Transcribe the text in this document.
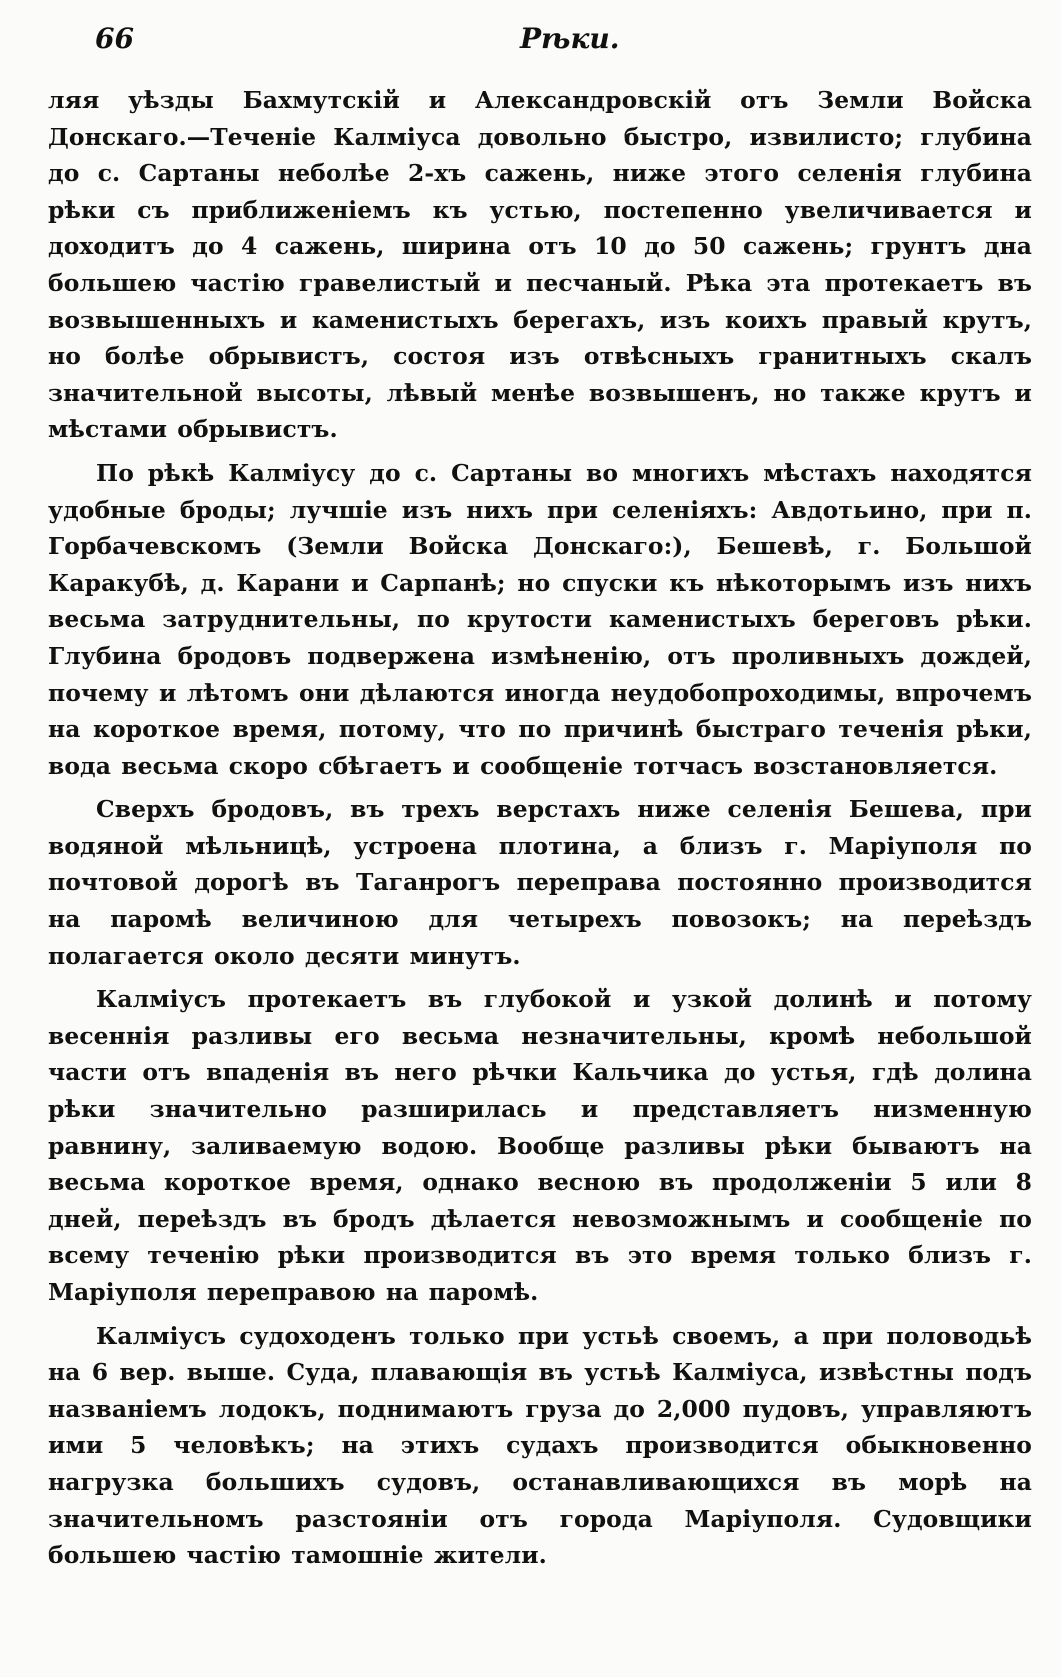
66	Рѣки.

ляя уѣзды Бахмутскій и Александровскій отъ Земли Войска Донскаго.—Теченіе Калміуса довольно быстро, извилисто; глубина до с. Сартаны неболѣе 2-хъ сажень, ниже этого селенія глубина рѣки съ приближеніемъ къ устью, постепенно увеличивается и доходитъ до 4 сажень, ширина отъ 10 до 50 сажень; грунтъ дна большею частію гравелистый и песчаный. Рѣка эта протекаетъ въ возвышенныхъ и каменистыхъ берегахъ, изъ коихъ правый крутъ, но болѣе обрывистъ, состоя изъ отвѣсныхъ гранитныхъ скалъ значительной высоты, лѣвый менѣе возвышенъ, но также крутъ и мѣстами обрывистъ.

По рѣкѣ Калміусу до с. Сартаны во многихъ мѣстахъ находятся удобные броды; лучшіе изъ нихъ при селеніяхъ: Авдотьино, при п. Горбачевскомъ (Земли Войска Донскаго:), Бешевѣ, г. Большой Каракубѣ, д. Карани и Сарпанѣ; но спуски къ нѣкоторымъ изъ нихъ весьма затруднительны, по крутости каменистыхъ береговъ рѣки. Глубина бродовъ подвержена измѣненію, отъ проливныхъ дождей, почему и лѣтомъ они дѣлаются иногда неудобопроходимы, впрочемъ на короткое время, потому, что по причинѣ быстраго теченія рѣки, вода весьма скоро сбѣгаетъ и сообщеніе тотчасъ возстановляется.

Сверхъ бродовъ, въ трехъ верстахъ ниже селенія Бешева, при водяной мѣльницѣ, устроена плотина, а близъ г. Маріуполя по почтовой дорогѣ въ Таганрогъ переправа постоянно производится на паромѣ величиною для четырехъ повозокъ; на переѣздъ полагается около десяти минутъ.

Калміусъ протекаетъ въ глубокой и узкой долинѣ и потому весеннія разливы его весьма незначительны, кромѣ небольшой части отъ впаденія въ него рѣчки Кальчика до устья, гдѣ долина рѣки значительно разширилась и представляетъ низменную равнину, заливаемую водою. Вообще разливы рѣки бываютъ на весьма короткое время, однако весною въ продолженіи 5 или 8 дней, переѣздъ въ бродъ дѣлается невозможнымъ и сообщеніе по всему теченію рѣки производится въ это время только близъ г. Маріуполя переправою на паромѣ.

Калміусъ судоходенъ только при устьѣ своемъ, а при половодьѣ на 6 вер. выше. Суда, плавающія въ устьѣ Калміуса, извѣстны подъ названіемъ лодокъ, поднимаютъ груза до 2,000 пудовъ, управляютъ ими 5 человѣкъ; на этихъ судахъ производится обыкновенно нагрузка большихъ судовъ, останавливающихся въ морѣ на значительномъ разстояніи отъ города Маріуполя. Судовщики большею частію тамошніе жители.
